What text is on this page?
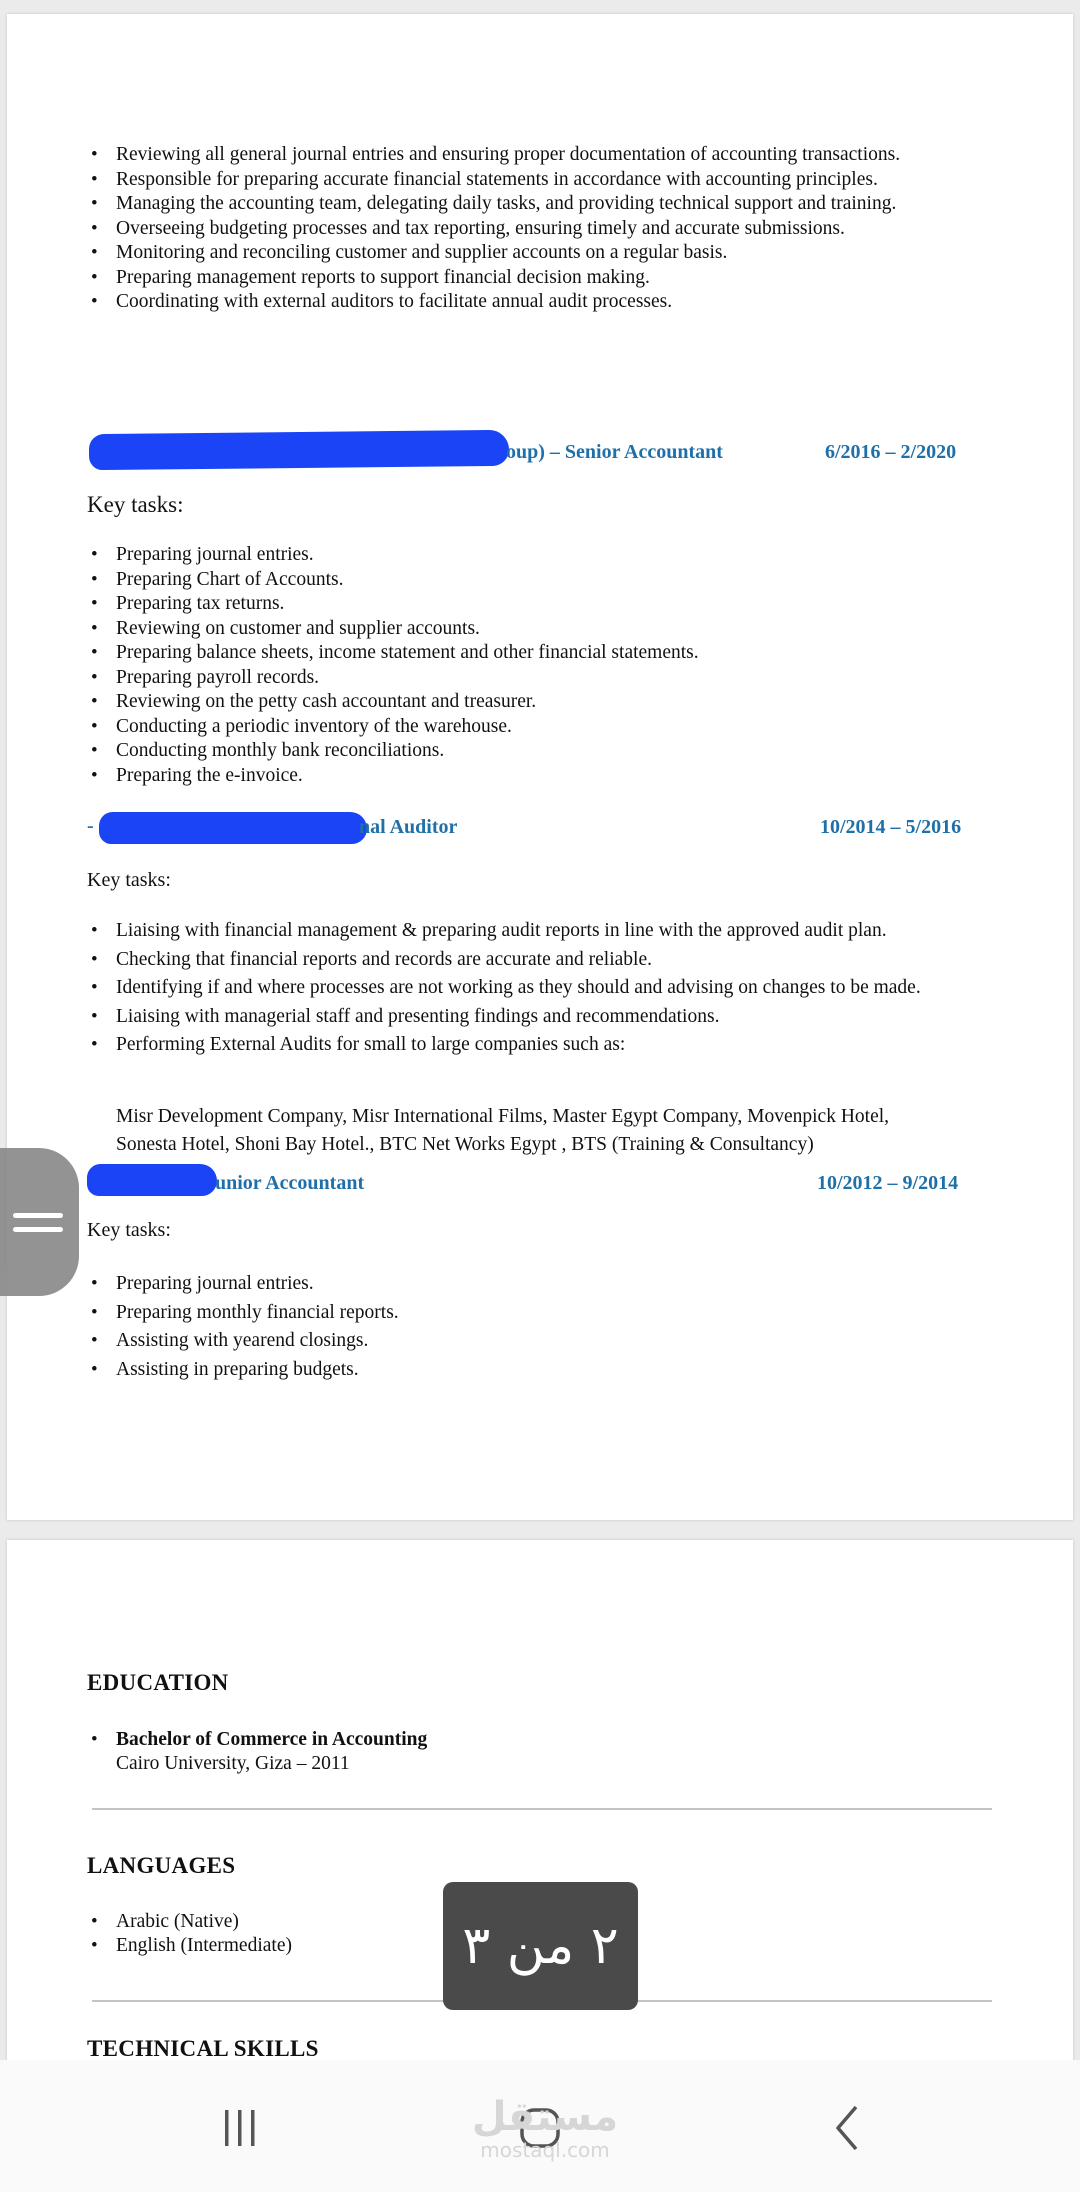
• Reviewing all general journal entries and ensuring proper documentation of accounting transactions.
• Responsible for preparing accurate financial statements in accordance with accounting principles.
• Managing the accounting team, delegating daily tasks, and providing technical support and training.
• Overseeing budgeting processes and tax reporting, ensuring timely and accurate submissions.
• Monitoring and reconciling customer and supplier accounts on a regular basis.
• Preparing management reports to support financial decision making.
• Coordinating with external auditors to facilitate annual audit processes.
oup) – Senior Accountant	6/2016 – 2/2020
Key tasks:
• Preparing journal entries.
• Preparing Chart of Accounts.
• Preparing tax returns.
• Reviewing on customer and supplier accounts.
• Preparing balance sheets, income statement and other financial statements.
• Preparing payroll records.
• Reviewing on the petty cash accountant and treasurer.
• Conducting a periodic inventory of the warehouse.
• Conducting monthly bank reconciliations.
• Preparing the e-invoice.
-	nal Auditor	10/2014 – 5/2016
Key tasks:
• Liaising with financial management & preparing audit reports in line with the approved audit plan.
• Checking that financial reports and records are accurate and reliable.
• Identifying if and where processes are not working as they should and advising on changes to be made.
• Liaising with managerial staff and presenting findings and recommendations.
• Performing External Audits for small to large companies such as:
Misr Development Company, Misr International Films, Master Egypt Company, Movenpick Hotel,
Sonesta Hotel, Shoni Bay Hotel., BTC Net Works Egypt , BTS (Training & Consultancy)
unior Accountant	10/2012 – 9/2014
Key tasks:
• Preparing journal entries.
• Preparing monthly financial reports.
• Assisting with yearend closings.
• Assisting in preparing budgets.
EDUCATION
• Bachelor of Commerce in Accounting
Cairo University, Giza – 2011
LANGUAGES
• Arabic (Native)
• English (Intermediate)
TECHNICAL SKILLS
٢ من ٣
مستقل
mostaql.com
